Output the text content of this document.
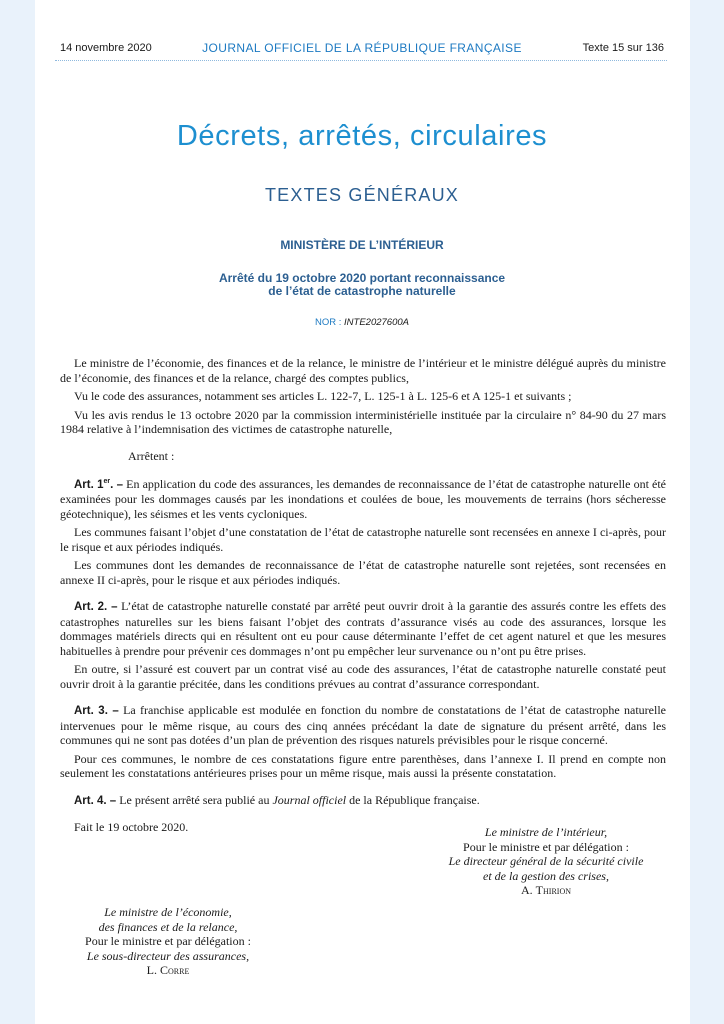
14 novembre 2020	JOURNAL OFFICIEL DE LA RÉPUBLIQUE FRANÇAISE	Texte 15 sur 136
Décrets, arrêtés, circulaires
TEXTES GÉNÉRAUX
MINISTÈRE DE L’INTÉRIEUR
Arrêté du 19 octobre 2020 portant reconnaissance
de l’état de catastrophe naturelle
NOR : INTE2027600A

Le ministre de l’économie, des finances et de la relance, le ministre de l’intérieur et le ministre délégué auprès du ministre de l’économie, des finances et de la relance, chargé des comptes publics,

Vu le code des assurances, notamment ses articles L. 122-7, L. 125-1 à L. 125-6 et A 125-1 et suivants ;

Vu les avis rendus le 13 octobre 2020 par la commission interministérielle instituée par la circulaire n° 84-90 du 27 mars 1984 relative à l’indemnisation des victimes de catastrophe naturelle,

Arrêtent :

Art. 1er. – En application du code des assurances, les demandes de reconnaissance de l’état de catastrophe naturelle ont été examinées pour les dommages causés par les inondations et coulées de boue, les mouvements de terrains (hors sécheresse géotechnique), les séismes et les vents cycloniques.

Les communes faisant l’objet d’une constatation de l’état de catastrophe naturelle sont recensées en annexe I ci-après, pour le risque et aux périodes indiqués.

Les communes dont les demandes de reconnaissance de l’état de catastrophe naturelle sont rejetées, sont recensées en annexe II ci-après, pour le risque et aux périodes indiqués.

Art. 2. – L’état de catastrophe naturelle constaté par arrêté peut ouvrir droit à la garantie des assurés contre les effets des catastrophes naturelles sur les biens faisant l’objet des contrats d’assurance visés au code des assurances, lorsque les dommages matériels directs qui en résultent ont eu pour cause déterminante l’effet de cet agent naturel et que les mesures habituelles à prendre pour prévenir ces dommages n’ont pu empêcher leur survenance ou n’ont pu être prises.

En outre, si l’assuré est couvert par un contrat visé au code des assurances, l’état de catastrophe naturelle constaté peut ouvrir droit à la garantie précitée, dans les conditions prévues au contrat d’assurance correspondant.

Art. 3. – La franchise applicable est modulée en fonction du nombre de constatations de l’état de catastrophe naturelle intervenues pour le même risque, au cours des cinq années précédant la date de signature du présent arrêté, dans les communes qui ne sont pas dotées d’un plan de prévention des risques naturels prévisibles pour le risque concerné.

Pour ces communes, le nombre de ces constatations figure entre parenthèses, dans l’annexe I. Il prend en compte non seulement les constatations antérieures prises pour un même risque, mais aussi la présente constatation.

Art. 4. – Le présent arrêté sera publié au Journal officiel de la République française.

Fait le 19 octobre 2020.	Le ministre de l’intérieur,
Pour le ministre et par délégation :
Le directeur général de la sécurité civile
et de la gestion des crises,
A. Thirion
Le ministre de l’économie,
des finances et de la relance,
Pour le ministre et par délégation :
Le sous-directeur des assurances,
L. Corre
